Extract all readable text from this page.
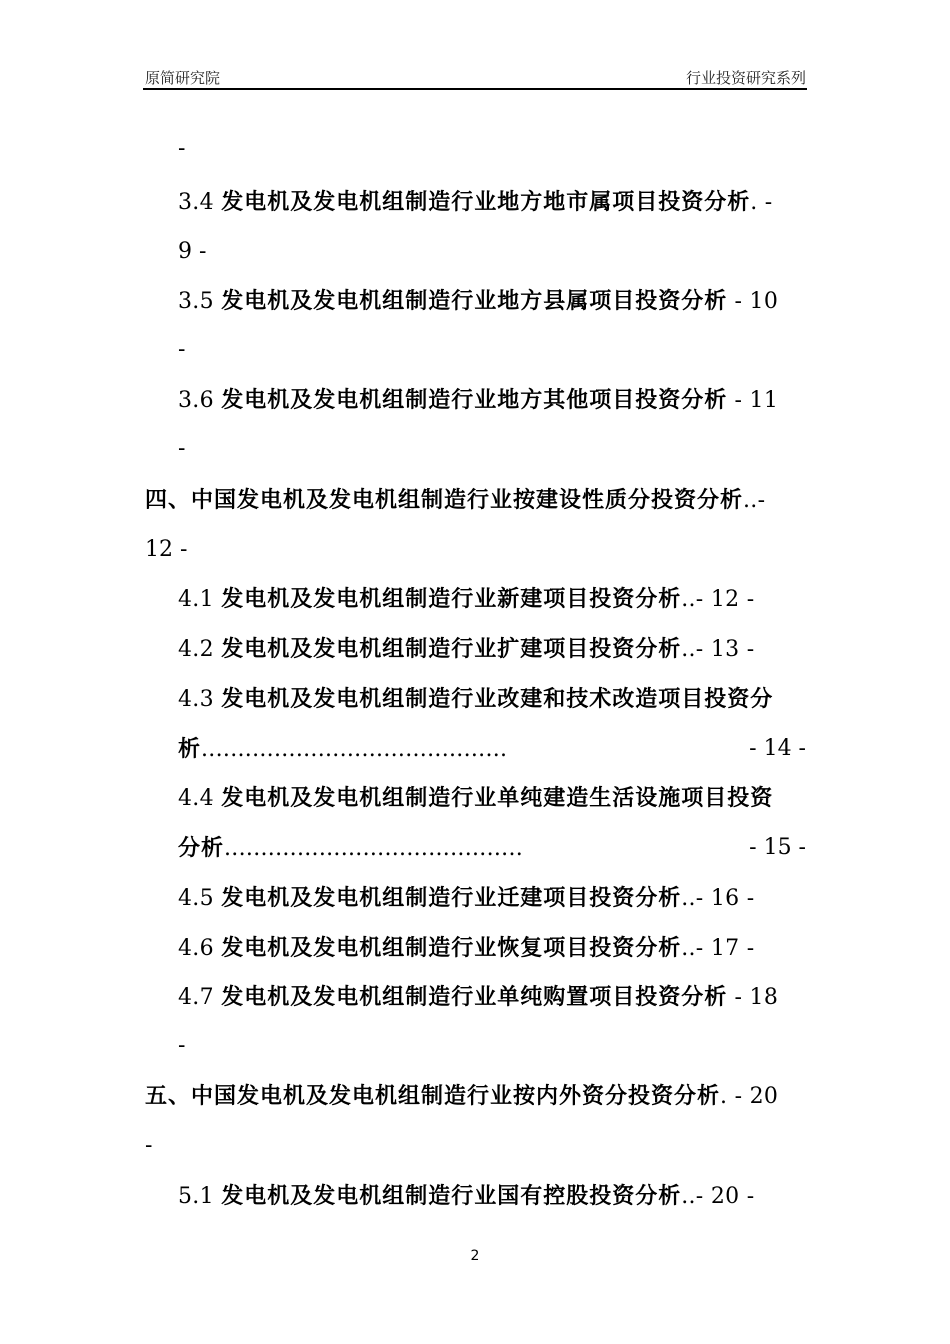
原简研究院	行业投资研究系列
-
3.4 发电机及发电机组制造行业地方地市属项目投资分析. -
9 -
3.5 发电机及发电机组制造行业地方县属项目投资分析 - 10
-
3.6 发电机及发电机组制造行业地方其他项目投资分析 - 11
-
四、中国发电机及发电机组制造行业按建设性质分投资分析..-
12 -
4.1 发电机及发电机组制造行业新建项目投资分析..- 12 -
4.2 发电机及发电机组制造行业扩建项目投资分析..- 13 -
4.3 发电机及发电机组制造行业改建和技术改造项目投资分
析..........................................	- 14 -
4.4 发电机及发电机组制造行业单纯建造生活设施项目投资
分析.........................................	- 15 -
4.5 发电机及发电机组制造行业迁建项目投资分析..- 16 -
4.6 发电机及发电机组制造行业恢复项目投资分析..- 17 -
4.7 发电机及发电机组制造行业单纯购置项目投资分析 - 18
-
五、中国发电机及发电机组制造行业按内外资分投资分析. - 20
-
5.1 发电机及发电机组制造行业国有控股投资分析..- 20 -
2
